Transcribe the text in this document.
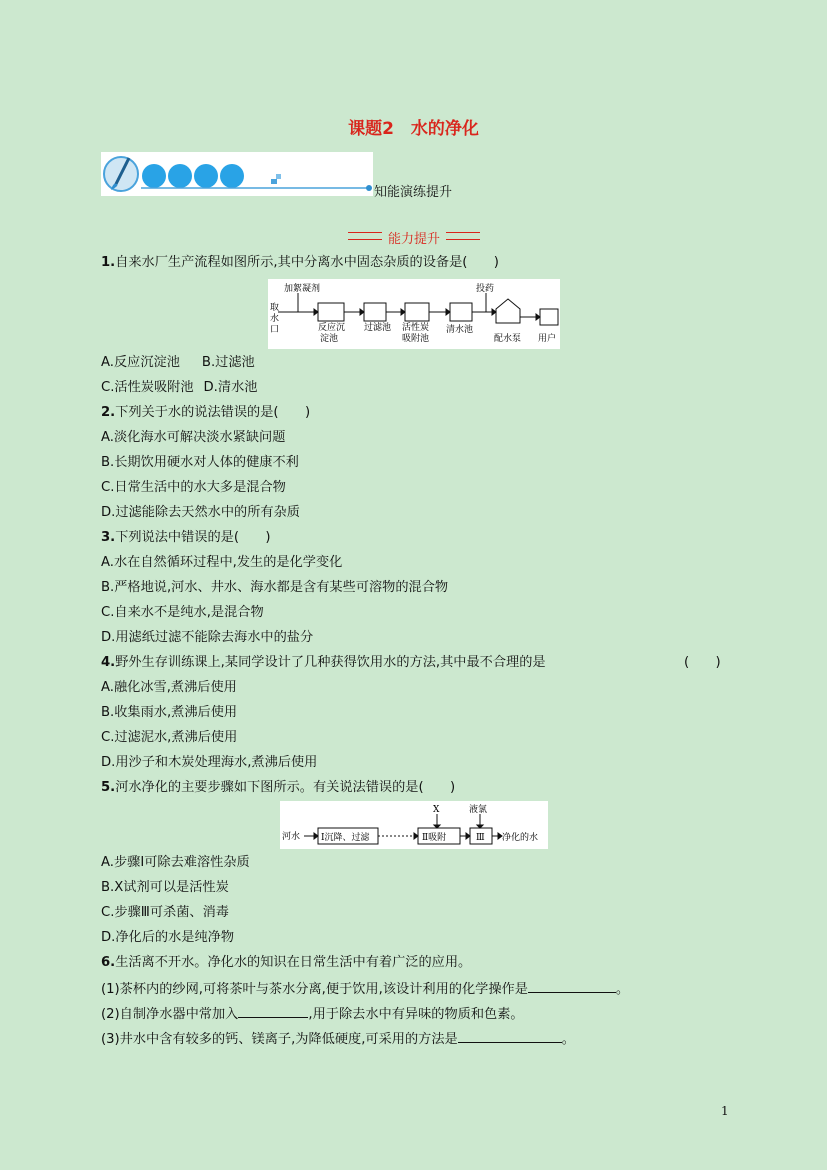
课题2　水的净化
知能演练提升
能力提升
1.自来水厂生产流程如图所示,其中分离水中固态杂质的设备是(　　)
加絮凝剂	投药
取
水
口	反应沉
淀池
过滤池 活性炭
吸附池
清水池
配水泵 用户
A.反应沉淀池 B.过滤池
C.活性炭吸附池 D.清水池
2.下列关于水的说法错误的是(　　)
A.淡化海水可解决淡水紧缺问题
B.长期饮用硬水对人体的健康不利
C.日常生活中的水大多是混合物
D.过滤能除去天然水中的所有杂质
3.下列说法中错误的是(　　)
A.水在自然循环过程中,发生的是化学变化
B.严格地说,河水、井水、海水都是含有某些可溶物的混合物
C.自来水不是纯水,是混合物
D.用滤纸过滤不能除去海水中的盐分
4.野外生存训练课上,某同学设计了几种获得饮用水的方法,其中最不合理的是	(　　)
A.融化冰雪,煮沸后使用
B.收集雨水,煮沸后使用
C.过滤泥水,煮沸后使用
D.用沙子和木炭处理海水,煮沸后使用
5.河水净化的主要步骤如下图所示。有关说法错误的是(　　)
X	液氯
河水 Ⅰ沉降、过滤	Ⅱ吸附	Ⅲ 净化的水
A.步骤Ⅰ可除去难溶性杂质
B.X试剂可以是活性炭
C.步骤Ⅲ可杀菌、消毒
D.净化后的水是纯净物
6.生活离不开水。净化水的知识在日常生活中有着广泛的应用。
(1)茶杯内的纱网,可将茶叶与茶水分离,便于饮用,该设计利用的化学操作是	。
(2)自制净水器中常加入	,用于除去水中有异味的物质和色素。
(3)井水中含有较多的钙、镁离子,为降低硬度,可采用的方法是	。
1
